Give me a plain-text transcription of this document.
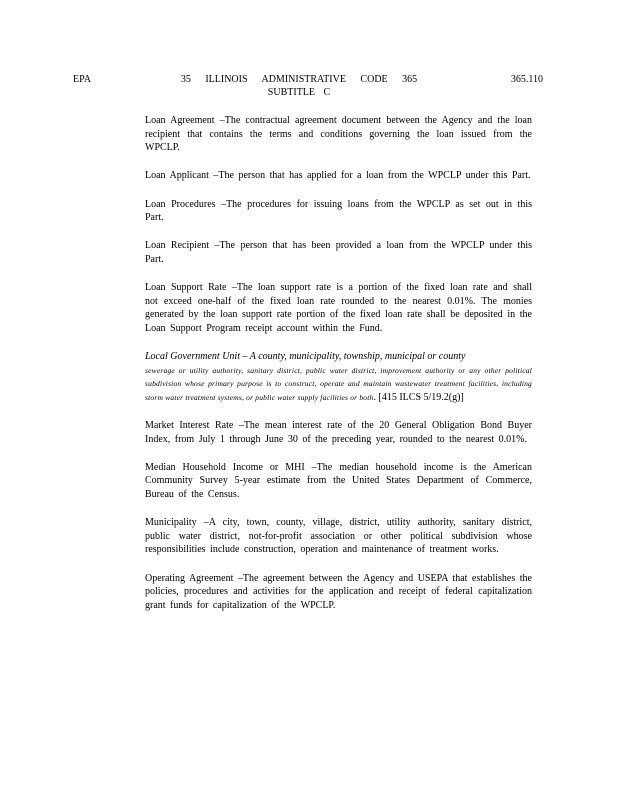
EPA	35 ILLINOIS ADMINISTRATIVE CODE 365
SUBTITLE C
365.110

Loan Agreement –The contractual agreement document between the Agency and the loan recipient that contains the terms and conditions governing the loan issued from the WPCLP.

Loan Applicant –The person that has applied for a loan from the WPCLP under this Part.

Loan Procedures –The procedures for issuing loans from the WPCLP as set out in this Part.

Loan Recipient –The person that has been provided a loan from the WPCLP under this Part.

Loan Support Rate –The loan support rate is a portion of the fixed loan rate and shall not exceed one-half of the fixed loan rate rounded to the nearest 0.01%. The monies generated by the loan support rate portion of the fixed loan rate shall be deposited in the Loan Support Program receipt account within the Fund.

Local Government Unit – A county, municipality, township, municipal or county
sewerage or utility authority, sanitary district, public water district, improvement authority or any other political subdivision whose primary purpose is to construct, operate and maintain wastewater treatment facilities, including storm water treatment systems, or public water supply facilities or both. [415 ILCS 5/19.2(g)]

Market Interest Rate –The mean interest rate of the 20 General Obligation Bond Buyer Index, from July 1 through June 30 of the preceding year, rounded to the nearest 0.01%.

Median Household Income or MHI –The median household income is the American Community Survey 5-year estimate from the United States Department of Commerce, Bureau of the Census.

Municipality –A city, town, county, village, district, utility authority, sanitary district, public water district, not-for-profit association or other political subdivision whose responsibilities include construction, operation and maintenance of treatment works.

Operating Agreement –The agreement between the Agency and USEPA that establishes the policies, procedures and activities for the application and receipt of federal capitalization grant funds for capitalization of the WPCLP.
